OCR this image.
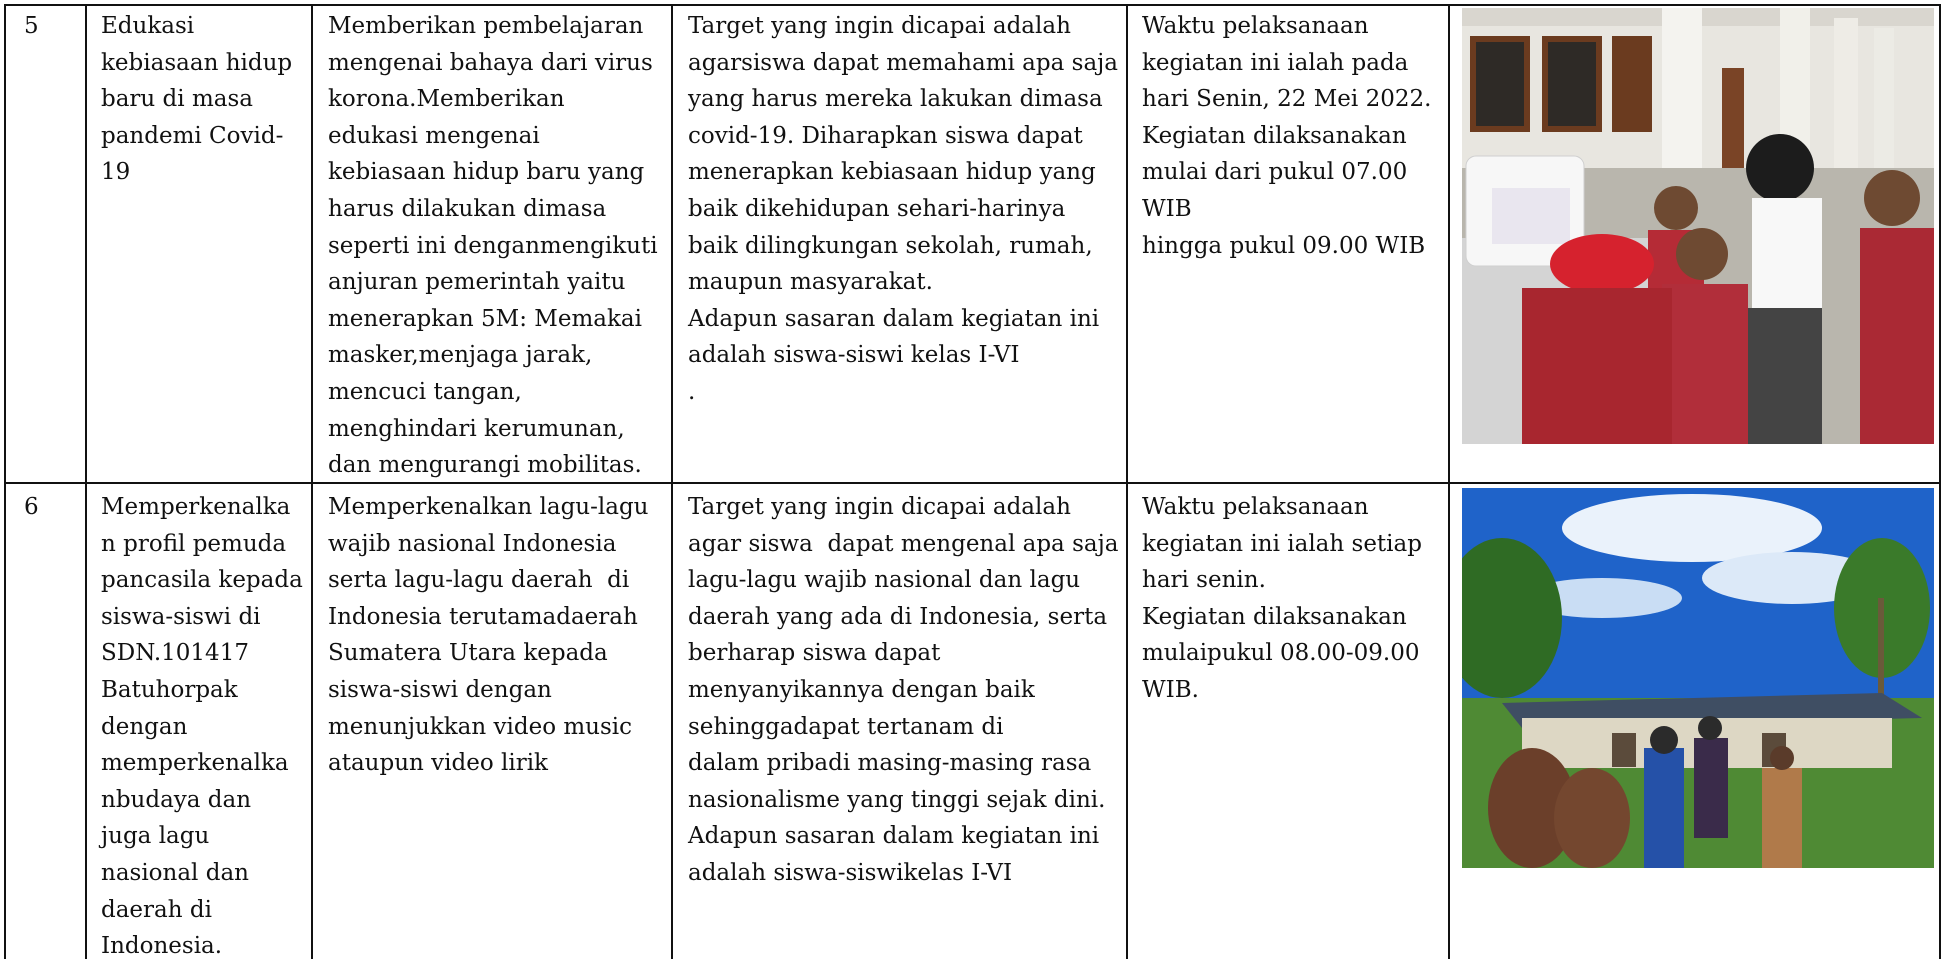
5	Edukasi
kebiasaan hidup
baru di masa
pandemi Covid-
19
Memberikan pembelajaran
mengenai bahaya dari virus
korona.Memberikan
edukasi mengenai
kebiasaan hidup baru yang
harus dilakukan dimasa
seperti ini denganmengikuti
anjuran pemerintah yaitu
menerapkan 5M: Memakai
masker,menjaga jarak,
mencuci tangan,
menghindari kerumunan,
dan mengurangi mobilitas.
Target yang ingin dicapai adalah
agarsiswa dapat memahami apa saja
yang harus mereka lakukan dimasa
covid-19. Diharapkan siswa dapat
menerapkan kebiasaan hidup yang
baik dikehidupan sehari-harinya
baik dilingkungan sekolah, rumah,
maupun masyarakat.
Adapun sasaran dalam kegiatan ini
adalah siswa-siswi kelas I-VI
.
Waktu pelaksanaan
kegiatan ini ialah pada
hari Senin, 22 Mei 2022.
Kegiatan dilaksanakan
mulai dari pukul 07.00
WIB
hingga pukul 09.00 WIB
6	Memperkenalka
n profil pemuda
pancasila kepada
siswa-siswi di
SDN.101417
Batuhorpak
dengan
memperkenalka
nbudaya dan
juga lagu
nasional dan
daerah di
Indonesia.
Memperkenalkan lagu-lagu
wajib nasional Indonesia
serta lagu-lagu daerah  di
Indonesia terutamadaerah
Sumatera Utara kepada
siswa-siswi dengan
menunjukkan video music
ataupun video lirik
Target yang ingin dicapai adalah
agar siswa  dapat mengenal apa saja
lagu-lagu wajib nasional dan lagu
daerah yang ada di Indonesia, serta
berharap siswa dapat
menyanyikannya dengan baik
sehinggadapat tertanam di
dalam pribadi masing-masing rasa
nasionalisme yang tinggi sejak dini.
Adapun sasaran dalam kegiatan ini
adalah siswa-siswikelas I-VI
Waktu pelaksanaan
kegiatan ini ialah setiap
hari senin.
Kegiatan dilaksanakan
mulaipukul 08.00-09.00
WIB.
